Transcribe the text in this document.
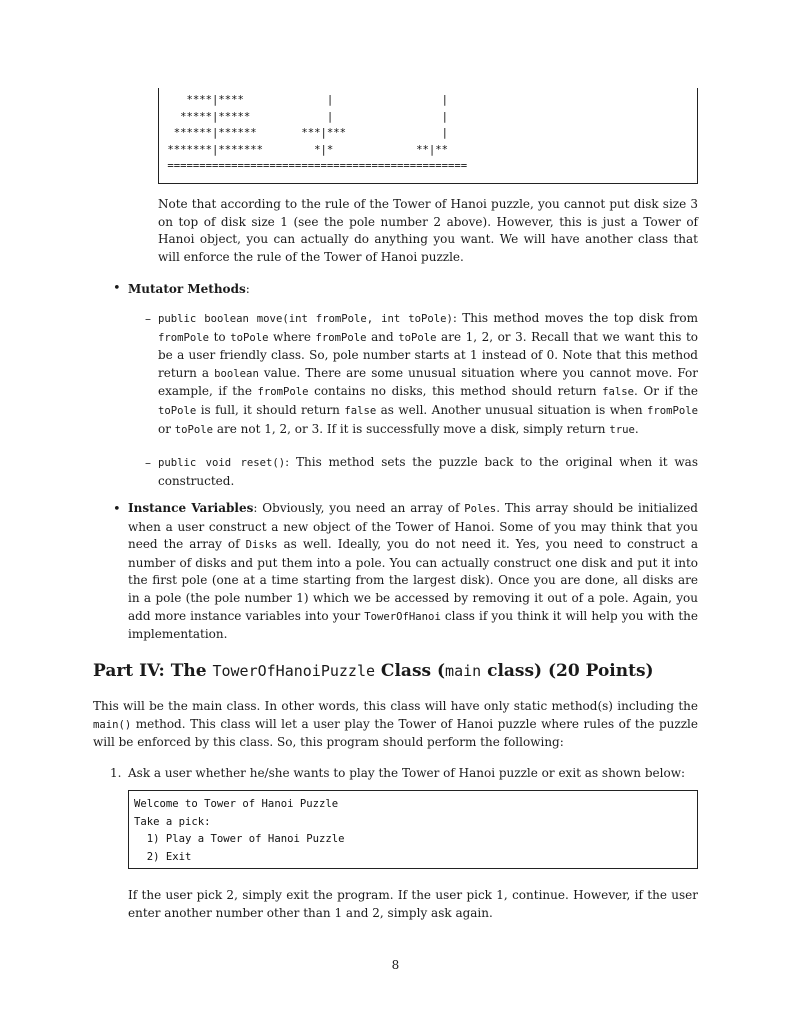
****|****             |                 |
*****|*****            |                 |
******|******       ***|***               |
*******|*******        *|*             **|**
===============================================

Note that according to the rule of the Tower of Hanoi puzzle, you cannot put disk size 3 on top of disk size 1 (see the pole number 2 above). However, this is just a Tower of Hanoi object, you can actually do anything you want. We will have another class that will enforce the rule of the Tower of Hanoi puzzle.

• Mutator Methods:

– public boolean move(int fromPole, int toPole): This method moves the top disk from fromPole to toPole where fromPole and toPole are 1, 2, or 3. Recall that we want this to be a user friendly class. So, pole number starts at 1 instead of 0. Note that this method return a boolean value. There are some unusual situation where you cannot move. For example, if the fromPole contains no disks, this method should return false. Or if the toPole is full, it should return false as well. Another unusual situation is when fromPole or toPole are not 1, 2, or 3. If it is successfully move a disk, simply return true.

– public void reset(): This method sets the puzzle back to the original when it was constructed.

• Instance Variables: Obviously, you need an array of Poles. This array should be initialized when a user construct a new object of the Tower of Hanoi. Some of you may think that you need the array of Disks as well. Ideally, you do not need it. Yes, you need to construct a number of disks and put them into a pole. You can actually construct one disk and put it into the first pole (one at a time starting from the largest disk). Once you are done, all disks are in a pole (the pole number 1) which we be accessed by removing it out of a pole. Again, you add more instance variables into your TowerOfHanoi class if you think it will help you with the implementation.

Part IV: The TowerOfHanoiPuzzle Class (main class) (20 Points)

This will be the main class. In other words, this class will have only static method(s) including the main() method. This class will let a user play the Tower of Hanoi puzzle where rules of the puzzle will be enforced by this class. So, this program should perform the following:

1. Ask a user whether he/she wants to play the Tower of Hanoi puzzle or exit as shown below:

Welcome to Tower of Hanoi Puzzle
Take a pick:
1) Play a Tower of Hanoi Puzzle
2) Exit

If the user pick 2, simply exit the program. If the user pick 1, continue. However, if the user enter another number other than 1 and 2, simply ask again.

8
